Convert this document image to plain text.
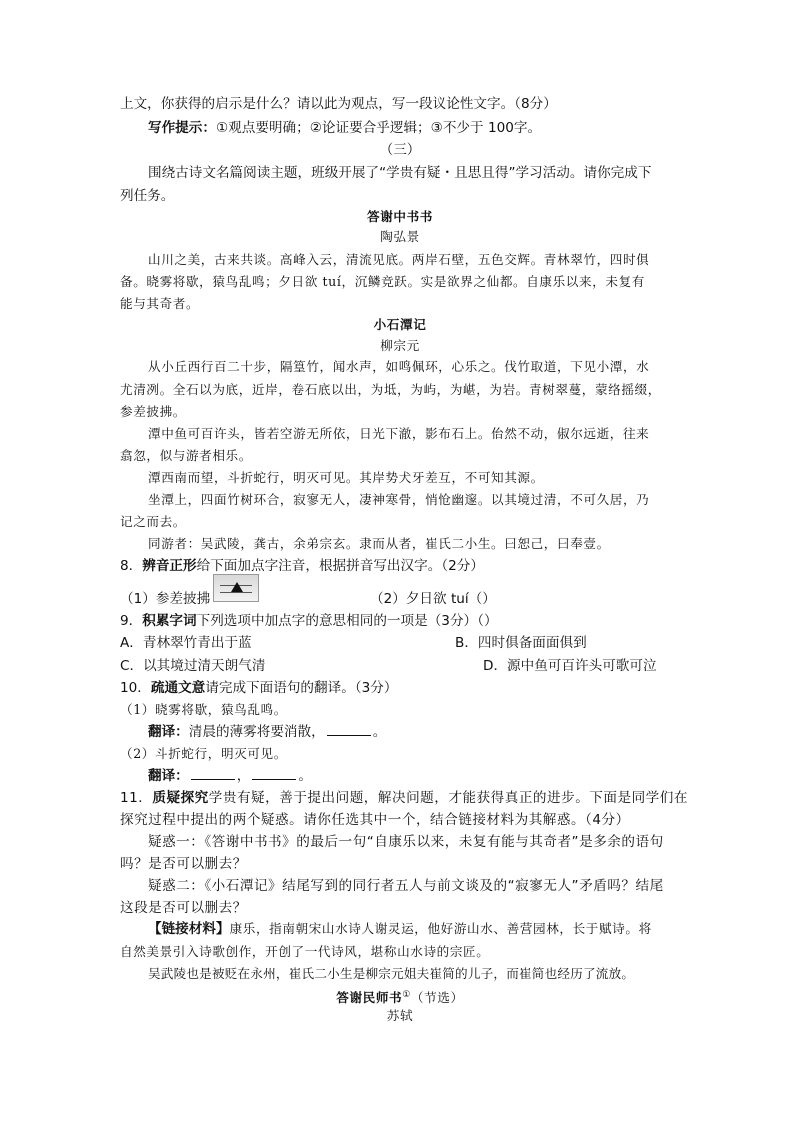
上文，你获得的启示是什么？请以此为观点，写一段议论性文字。（8分）
写作提示：①观点要明确；②论证要合乎逻辑；③不少于 100字。
（三）
围绕古诗文名篇阅读主题，班级开展了“学贵有疑・且思且得”学习活动。请你完成下
列任务。
答谢中书书
陶弘景
山川之美，古来共谈。高峰入云，清流见底。两岸石壁，五色交辉。青林翠竹，四时俱
备。晓雾将歇，猿鸟乱鸣；夕日欲 tuí，沉鳞竞跃。实是欲界之仙都。自康乐以来，未复有
能与其奇者。
小石潭记
柳宗元
从小丘西行百二十步，隔篁竹，闻水声，如鸣佩环，心乐之。伐竹取道，下见小潭，水
尤清冽。全石以为底，近岸，卷石底以出，为坻，为屿，为嵁，为岩。青树翠蔓，蒙络摇缀，
参差披拂。
潭中鱼可百许头，皆若空游无所依，日光下澈，影布石上。佁然不动，俶尔远逝，往来
翕忽，似与游者相乐。
潭西南而望，斗折蛇行，明灭可见。其岸势犬牙差互，不可知其源。
坐潭上，四面竹树环合，寂寥无人，凄神寒骨，悄怆幽邃。以其境过清，不可久居，乃
记之而去。
同游者：吴武陵，龚古，余弟宗玄。隶而从者，崔氏二小生。曰恕己，曰奉壹。
8．辨音正形给下面加点字注音，根据拼音写出汉字。（2分）
（1）参差披拂	（2）夕日欲 tuí（）
9．积累字词下列选项中加点字的意思相同的一项是（3分）（）
A．青林翠竹青出于蓝	B．四时俱备面面俱到
C．以其境过清天朗气清	D．源中鱼可百许头可歌可泣
10．疏通文意请完成下面语句的翻译。（3分）
（1）晓雾将歇，猿鸟乱鸣。
翻译：清晨的薄雾将要消散，	。
（2）斗折蛇行，明灭可见。
翻译：	，	。
11．质疑探究学贵有疑，善于提出问题，解决问题，才能获得真正的进步。下面是同学们在
探究过程中提出的两个疑惑。请你任选其中一个，结合链接材料为其解惑。（4分）
疑惑一：《答谢中书书》的最后一句“自康乐以来，未复有能与其奇者”是多余的语句
吗？是否可以删去？
疑惑二：《小石潭记》结尾写到的同行者五人与前文谈及的“寂寥无人”矛盾吗？结尾
这段是否可以删去？
【链接材料】康乐，指南朝宋山水诗人谢灵运，他好游山水、善营园林，长于赋诗。将
自然美景引入诗歌创作，开创了一代诗风，堪称山水诗的宗匠。
吴武陵也是被贬在永州，崔氏二小生是柳宗元姐夫崔简的儿子，而崔简也经历了流放。
答谢民师书①（节选）
苏轼
